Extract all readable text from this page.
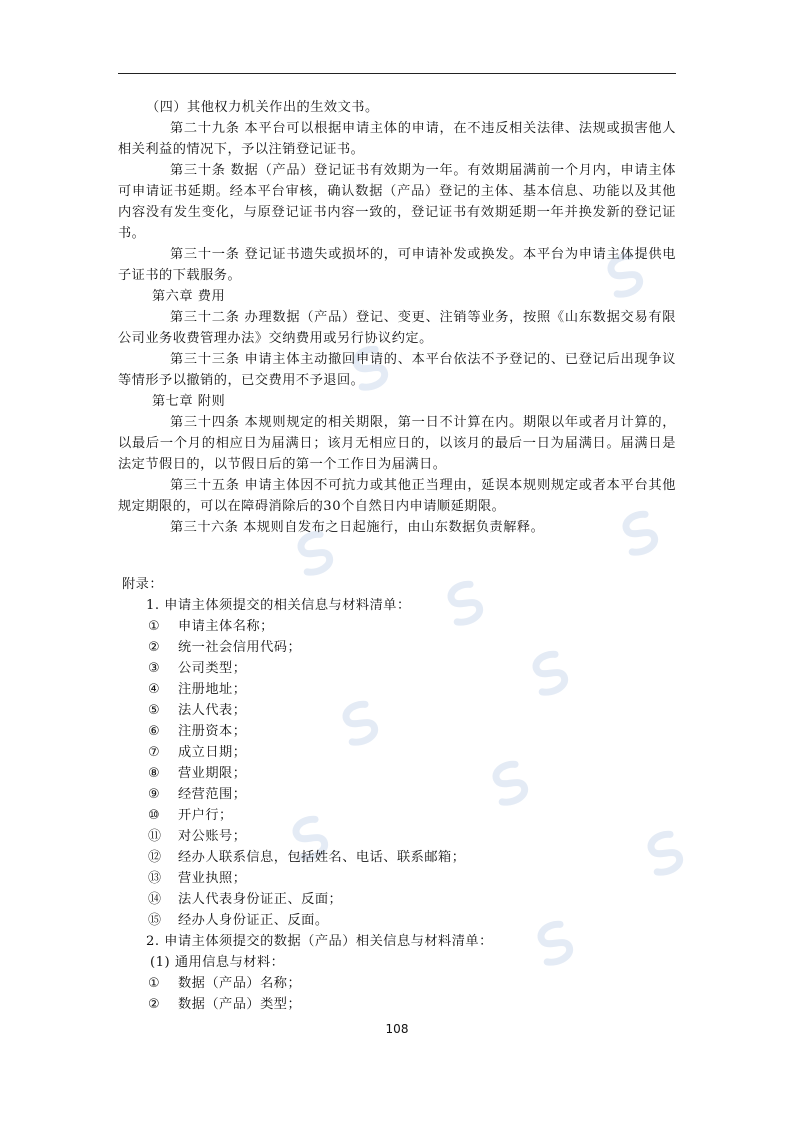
（四）其他权力机关作出的生效文书。

第二十九条 本平台可以根据申请主体的申请，在不违反相关法律、法规或损害他人相关利益的情况下，予以注销登记证书。

第三十条 数据（产品）登记证书有效期为一年。有效期届满前一个月内，申请主体可申请证书延期。经本平台审核，确认数据（产品）登记的主体、基本信息、功能以及其他内容没有发生变化，与原登记证书内容一致的，登记证书有效期延期一年并换发新的登记证书。

第三十一条 登记证书遗失或损坏的，可申请补发或换发。本平台为申请主体提供电子证书的下载服务。

第六章 费用

第三十二条 办理数据（产品）登记、变更、注销等业务，按照《山东数据交易有限公司业务收费管理办法》交纳费用或另行协议约定。

第三十三条 申请主体主动撤回申请的、本平台依法不予登记的、已登记后出现争议等情形予以撤销的，已交费用不予退回。

第七章 附则

第三十四条 本规则规定的相关期限，第一日不计算在内。期限以年或者月计算的，以最后一个月的相应日为届满日；该月无相应日的，以该月的最后一日为届满日。届满日是法定节假日的，以节假日后的第一个工作日为届满日。

第三十五条 申请主体因不可抗力或其他正当理由，延误本规则规定或者本平台其他规定期限的，可以在障碍消除后的30个自然日内申请顺延期限。

第三十六条 本规则自发布之日起施行，由山东数据负责解释。

附录：

1. 申请主体须提交的相关信息与材料清单：

①	申请主体名称；

②	统一社会信用代码；

③	公司类型；

④	注册地址；

⑤	法人代表；

⑥	注册资本；

⑦	成立日期；

⑧	营业期限；

⑨	经营范围；

⑩	开户行；

⑪	对公账号；

⑫	经办人联系信息，包括姓名、电话、联系邮箱；

⑬	营业执照；

⑭	法人代表身份证正、反面；

⑮	经办人身份证正、反面。

2. 申请主体须提交的数据（产品）相关信息与材料清单：

(1) 通用信息与材料：

①	数据（产品）名称；

②	数据（产品）类型；

108
